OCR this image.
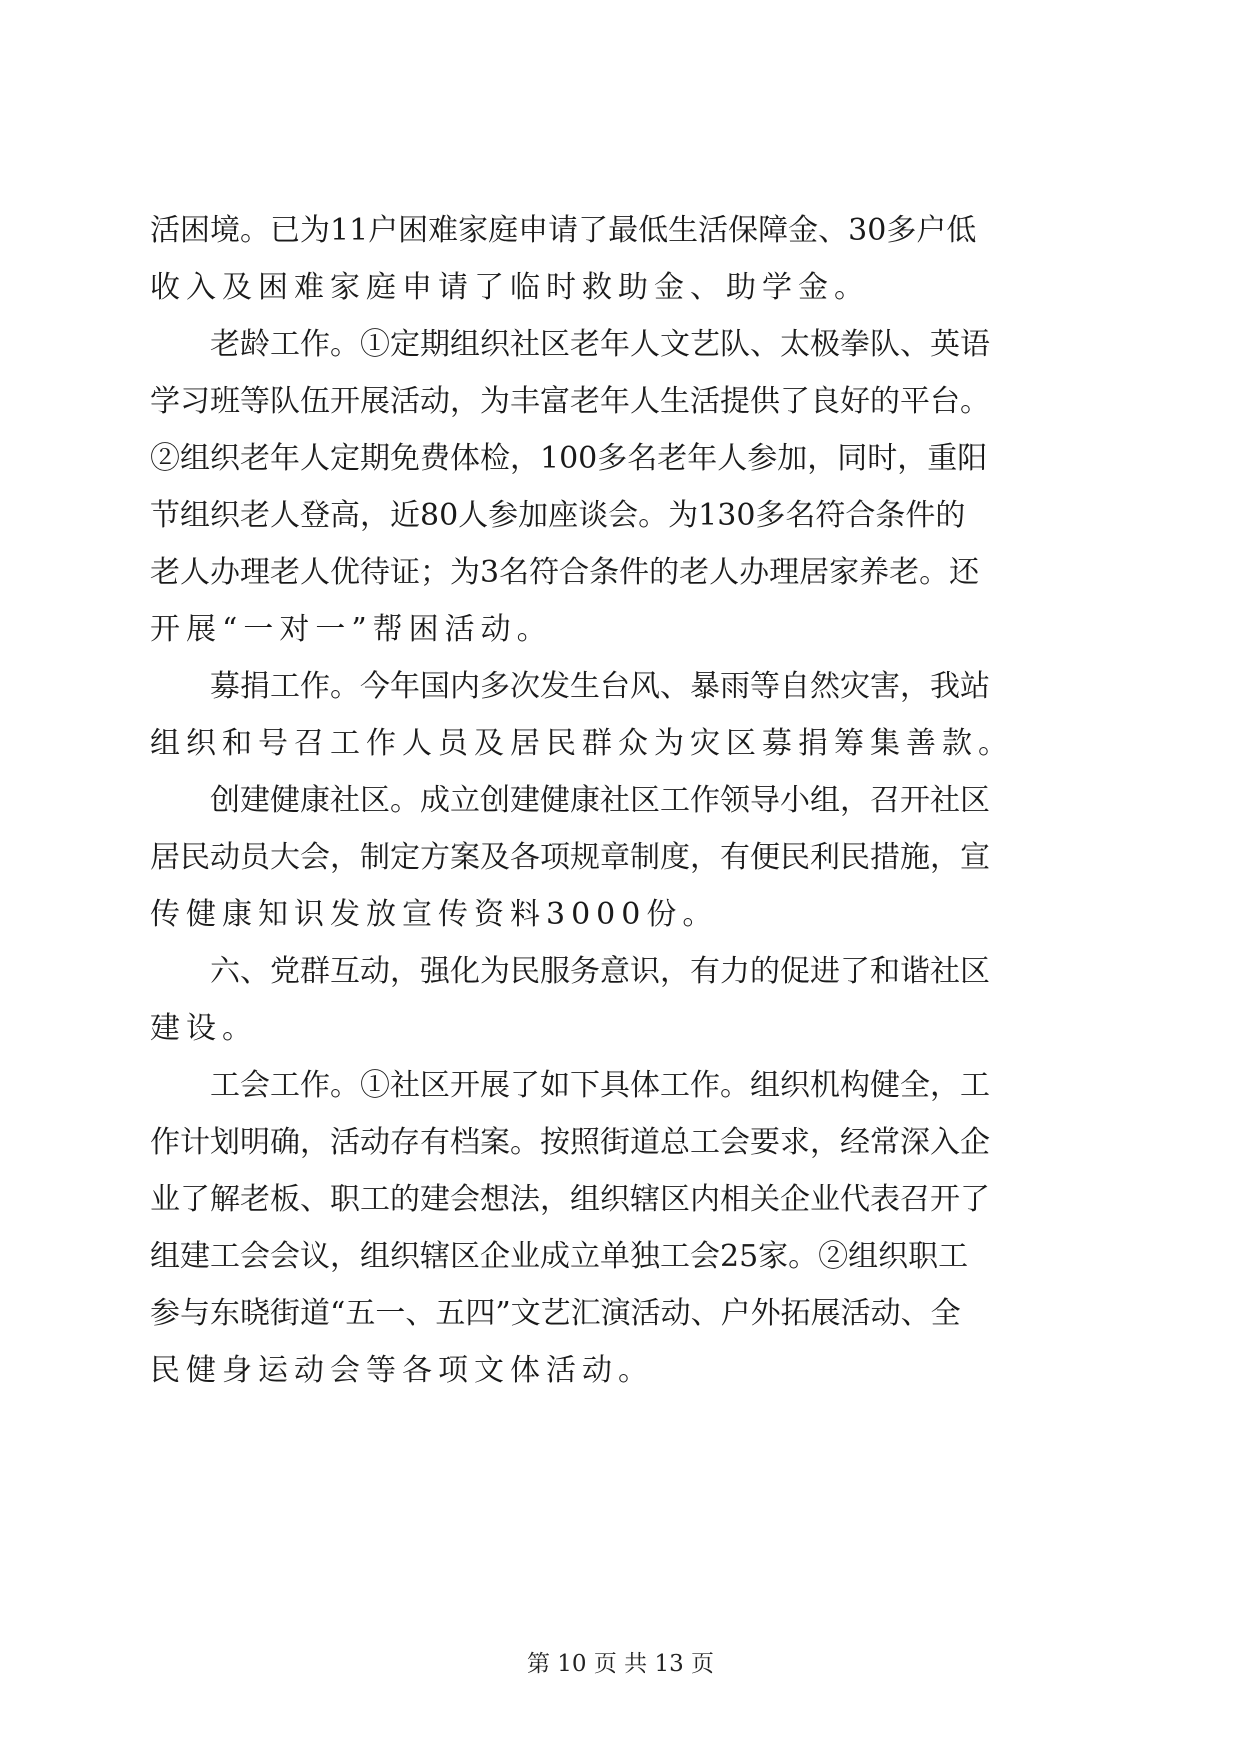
活困境。已为11户困难家庭申请了最低生活保障金、30多户低
收入及困难家庭申请了临时救助金、助学金。
老龄工作。①定期组织社区老年人文艺队、太极拳队、英语
学习班等队伍开展活动，为丰富老年人生活提供了良好的平台。
②组织老年人定期免费体检，100多名老年人参加，同时，重阳
节组织老人登高，近80人参加座谈会。为130多名符合条件的
老人办理老人优待证；为3名符合条件的老人办理居家养老。还
开展“一对一”帮困活动。
募捐工作。今年国内多次发生台风、暴雨等自然灾害，我站
组织和号召工作人员及居民群众为灾区募捐筹集善款。
创建健康社区。成立创建健康社区工作领导小组，召开社区
居民动员大会，制定方案及各项规章制度，有便民利民措施，宣
传健康知识发放宣传资料3000份。
六、党群互动，强化为民服务意识，有力的促进了和谐社区
建设。
工会工作。①社区开展了如下具体工作。组织机构健全，工
作计划明确，活动存有档案。按照街道总工会要求，经常深入企
业了解老板、职工的建会想法，组织辖区内相关企业代表召开了
组建工会会议，组织辖区企业成立单独工会25家。②组织职工
参与东晓街道“五一、五四”文艺汇演活动、户外拓展活动、全
民健身运动会等各项文体活动。
第 10 页 共 13 页
